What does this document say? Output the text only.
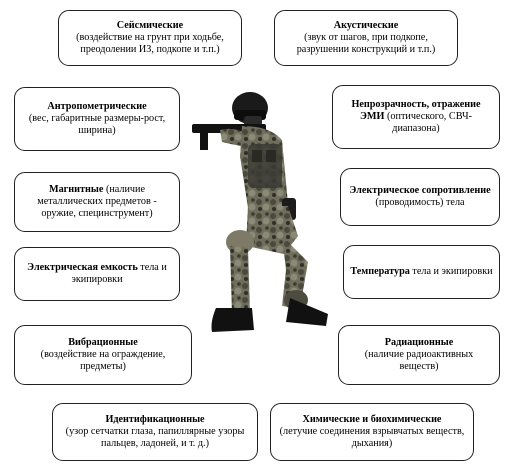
Сейсмические
(воздействие на грунт при ходьбе, преодолении ИЗ, подкопе и т.п.)
Акустические
(звук от шагов, при подкопе, разрушении конструкций и т.п.)
Антропометрические
(вес, габаритные размеры-рост, ширина)
Непрозрачность, отражение ЭМИ (оптического, СВЧ-диапазона)
Магнитные (наличие металлических предметов - оружие, специнструмент)
Электрическое сопротивление
(проводимость) тела
Электрическая емкость тела и экипировки
Температура тела и экипировки
Вибрационные
(воздействие на ограждение, предметы)
Радиационные
(наличие радиоактивных веществ)
Идентификационные
(узор сетчатки глаза, папиллярные узоры пальцев, ладоней, и т. д.)
Химические и биохимические
(летучие соединения взрывчатых веществ, дыхания)
